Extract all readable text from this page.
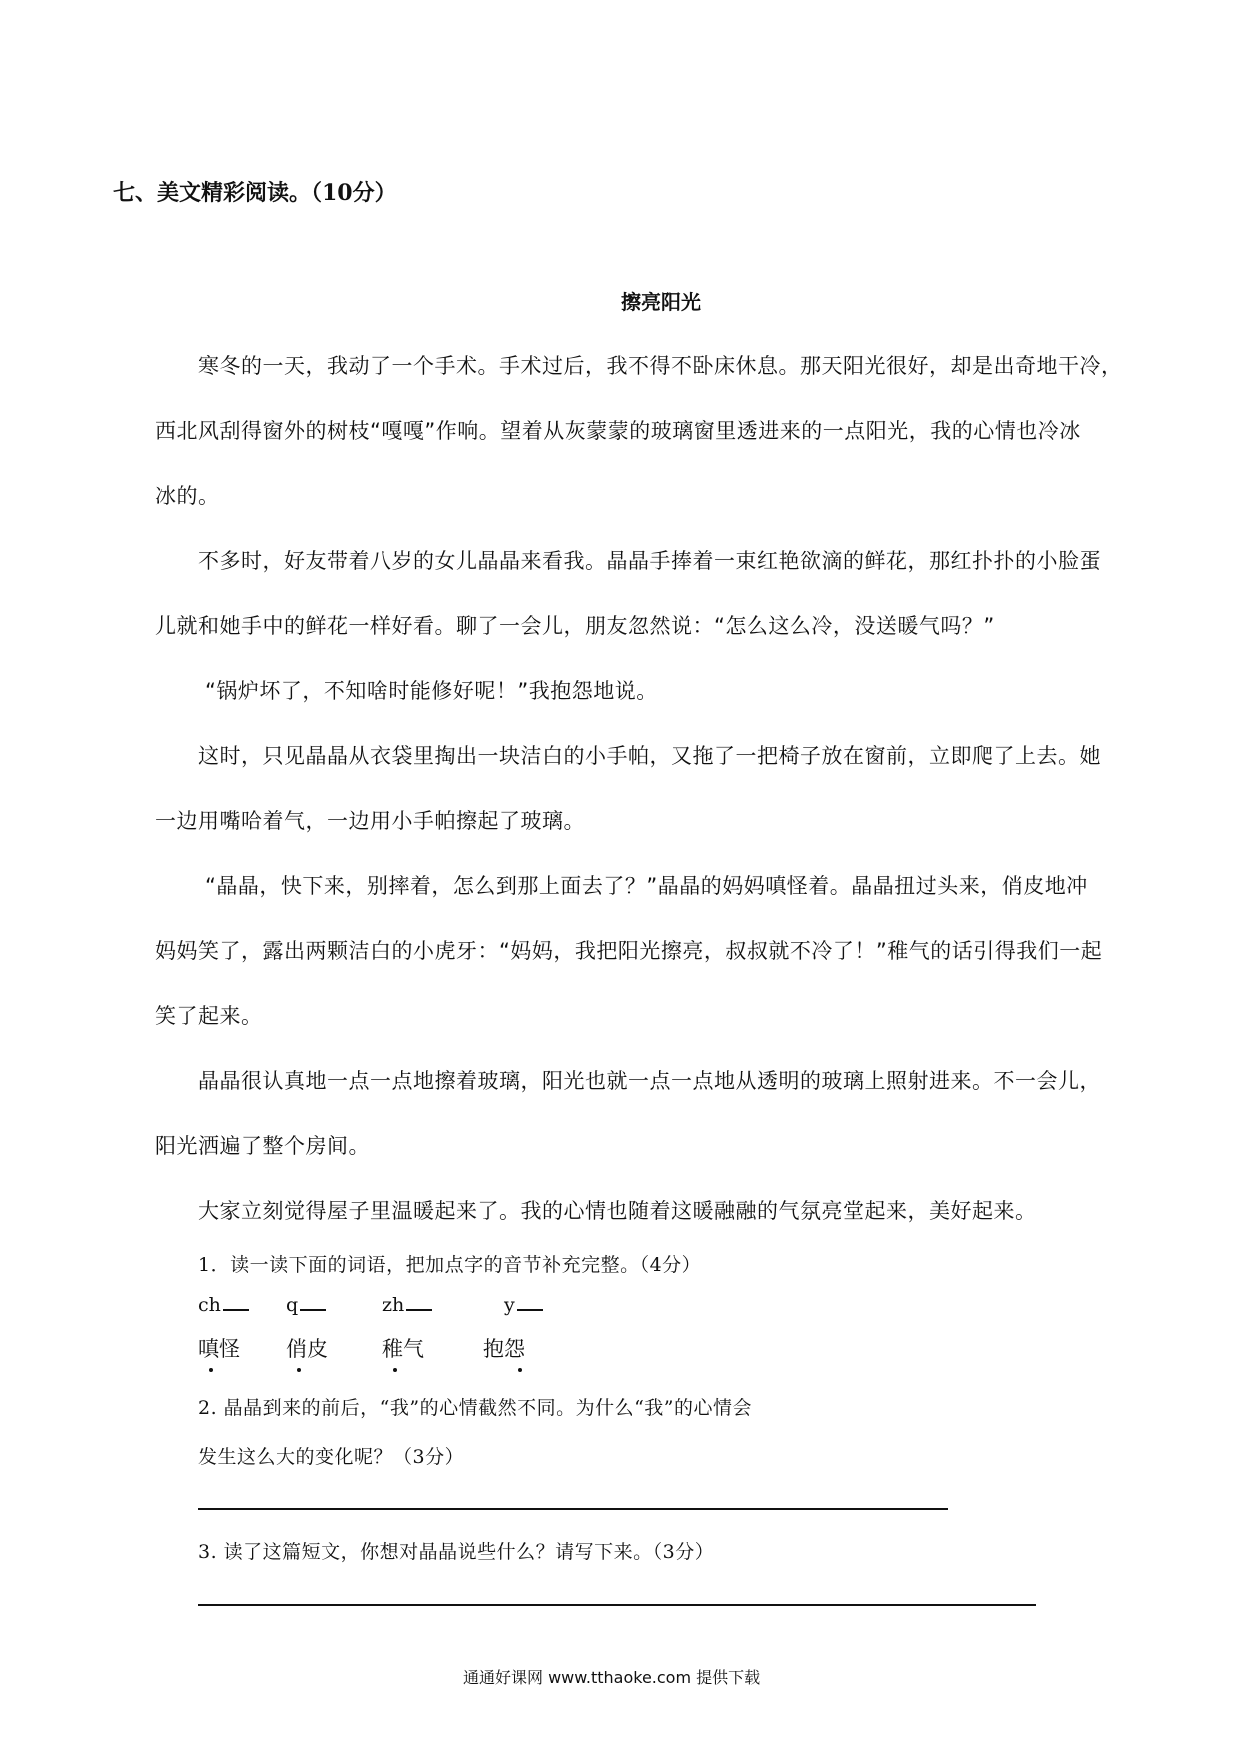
七、美文精彩阅读。（10分）
擦亮阳光
寒冬的一天，我动了一个手术。手术过后，我不得不卧床休息。那天阳光很好，却是出奇地干冷，
西北风刮得窗外的树枝“嘎嘎”作响。望着从灰蒙蒙的玻璃窗里透进来的一点阳光，我的心情也冷冰
冰的。
不多时，好友带着八岁的女儿晶晶来看我。晶晶手捧着一束红艳欲滴的鲜花，那红扑扑的小脸蛋
儿就和她手中的鲜花一样好看。聊了一会儿，朋友忽然说：“怎么这么冷，没送暖气吗？”
“锅炉坏了，不知啥时能修好呢！”我抱怨地说。
这时，只见晶晶从衣袋里掏出一块洁白的小手帕，又拖了一把椅子放在窗前，立即爬了上去。她
一边用嘴哈着气，一边用小手帕擦起了玻璃。
“晶晶，快下来，别摔着，怎么到那上面去了？”晶晶的妈妈嗔怪着。晶晶扭过头来，俏皮地冲
妈妈笑了，露出两颗洁白的小虎牙：“妈妈，我把阳光擦亮，叔叔就不冷了！”稚气的话引得我们一起
笑了起来。
晶晶很认真地一点一点地擦着玻璃，阳光也就一点一点地从透明的玻璃上照射进来。不一会儿，
阳光洒遍了整个房间。
大家立刻觉得屋子里温暖起来了。我的心情也随着这暖融融的气氛亮堂起来，美好起来。
1．读一读下面的词语，把加点字的音节补充完整。（4分）
ch	q	zh	y
嗔怪 俏皮	稚气	抱怨
2. 晶晶到来的前后，“我”的心情截然不同。为什么“我”的心情会
发生这么大的变化呢？（3分）
3. 读了这篇短文，你想对晶晶说些什么？请写下来。（3分）
通通好课网 www.tthaoke.com 提供下载
